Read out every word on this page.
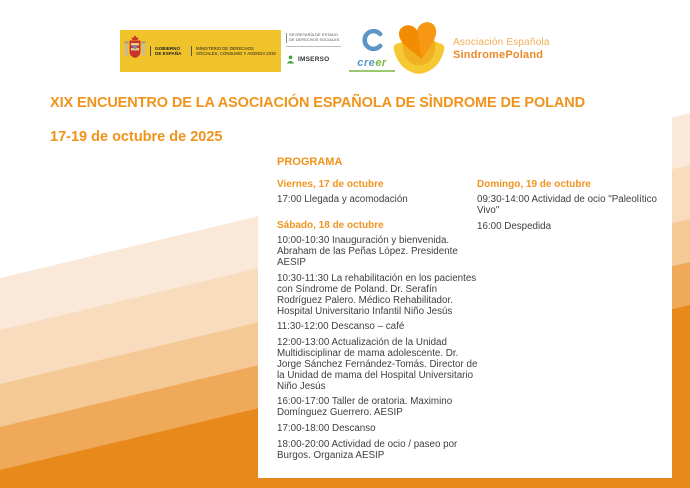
GOBIERNO DE ESPAÑA
MINISTERIO DE DERECHOS SOCIALES, CONSUMO Y AGENDA 2030
SECRETARÍA DE ESTADO
DE DERECHOS SOCIALES
IMSERSO	creer
Asociación Española
SindromePoland
XIX ENCUENTRO DE LA ASOCIACIÓN ESPAÑOLA DE SÌNDROME DE POLAND
17-19 de octubre de 2025
PROGRAMA
Viernes, 17 de octubre
17:00 Llegada y acomodación
Sábado, 18 de octubre
10:00-10:30 Inauguración y bienvenida. Abraham de las Peñas López. Presidente AESIP
10:30-11:30 La rehabilitación en los pacientes con Síndrome de Poland. Dr. Serafín Rodríguez Palero. Médico Rehabilitador. Hospital Universitario Infantil Niño Jesús
11:30-12:00 Descanso – café
12:00-13:00 Actualización de la Unidad Multidisciplinar de mama adolescente. Dr. Jorge Sánchez Fernández-Tomás. Director de la Unidad de mama del Hospital Universitario Niño Jesús
16:00-17:00 Taller de oratoria. Maximino Domínguez Guerrero. AESIP
17:00-18:00 Descanso
18:00-20:00 Actividad de ocio / paseo por Burgos. Organiza AESIP
Domingo, 19 de octubre
09:30-14:00 Actividad de ocio "Paleolítico Vivo"
16:00 Despedida
